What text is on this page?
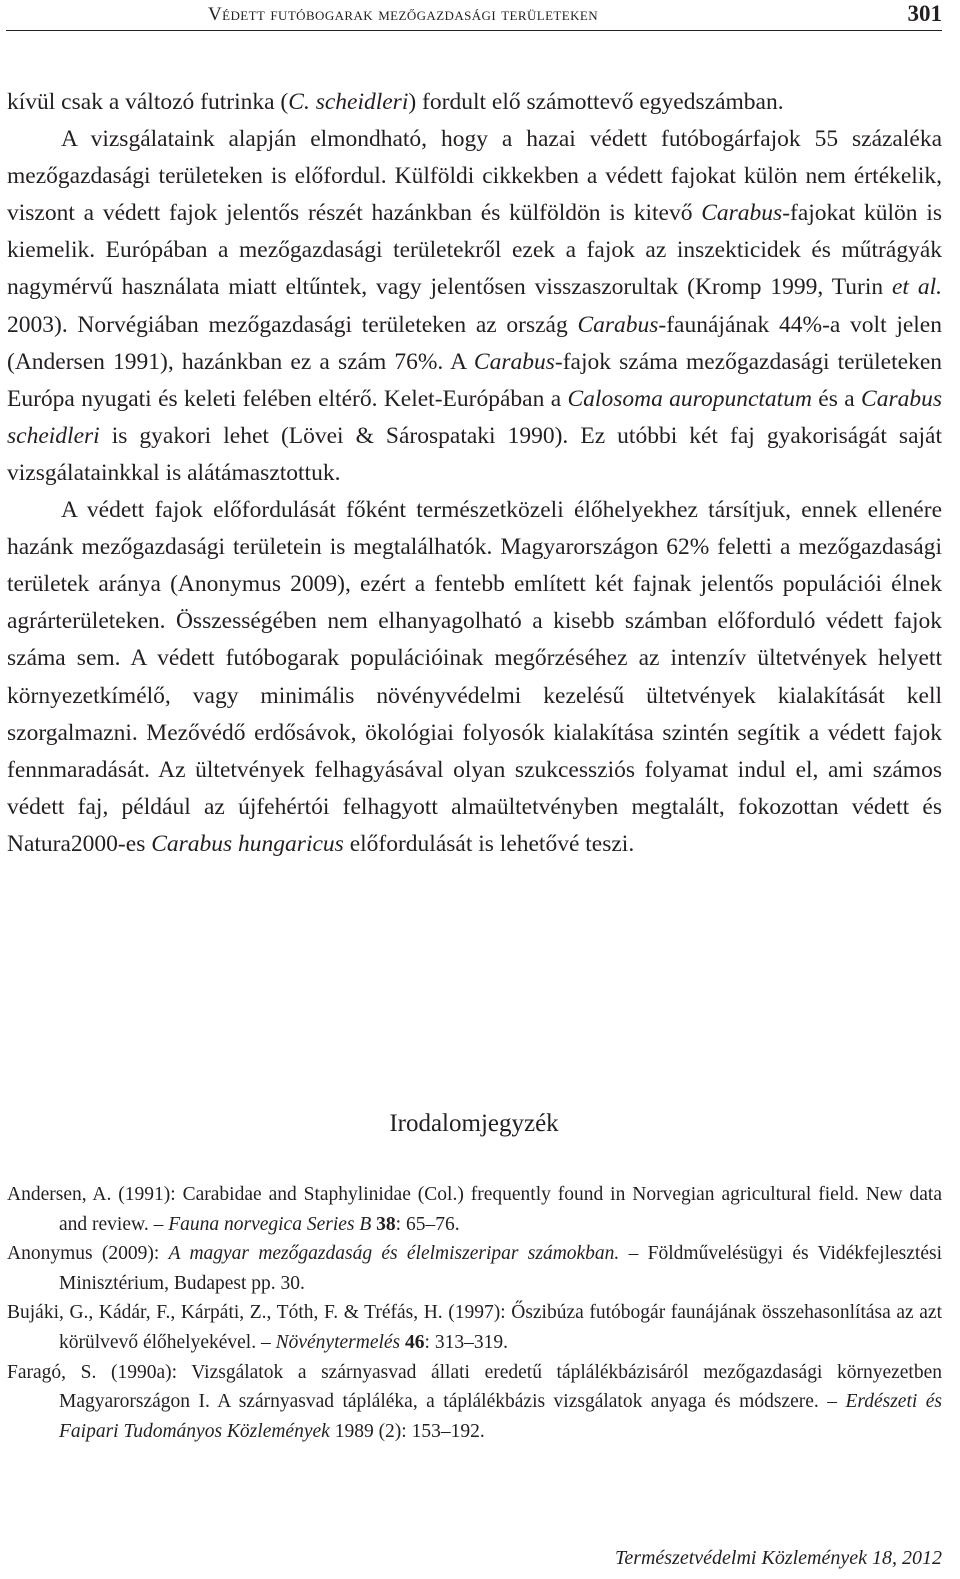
Védett futóbogarak mezőgazdasági területeken	301

kívül csak a változó futrinka (C. scheidleri) fordult elő számottevő egyedszámban.

A vizsgálataink alapján elmondható, hogy a hazai védett futóbogárfajok 55 százaléka mezőgazdasági területeken is előfordul. Külföldi cikkekben a védett fajokat külön nem értékelik, viszont a védett fajok jelentős részét hazánkban és külföldön is kitevő Carabus-fajokat külön is kiemelik. Európában a mezőgazdasági területekről ezek a fajok az inszekticidek és műtrágyák nagymérvű használata miatt eltűntek, vagy jelentősen visszaszorultak (Kromp 1999, Turin et al. 2003). Norvégiában mezőgazdasági területeken az ország Carabus-faunájának 44%-a volt jelen (Andersen 1991), hazánkban ez a szám 76%. A Carabus-fajok száma mezőgazdasági területeken Európa nyugati és keleti felében eltérő. Kelet-Európában a Calosoma auropunctatum és a Carabus scheidleri is gyakori lehet (Lövei & Sárospataki 1990). Ez utóbbi két faj gyakoriságát saját vizsgálatainkkal is alátámasztottuk.

A védett fajok előfordulását főként természetközeli élőhelyekhez társítjuk, ennek ellenére hazánk mezőgazdasági területein is megtalálhatók. Magyarországon 62% feletti a mezőgazdasági területek aránya (Anonymus 2009), ezért a fentebb említett két fajnak jelentős populációi élnek agrárterületeken. Összességében nem elhanyagolható a kisebb számban előforduló védett fajok száma sem. A védett futóbogarak populációinak megőrzéséhez az intenzív ültetvények helyett környezetkímélő, vagy minimális növényvédelmi kezelésű ültetvények kialakítását kell szorgalmazni. Mezővédő erdősávok, ökológiai folyosók kialakítása szintén segítik a védett fajok fennmaradását. Az ültetvények felhagyásával olyan szukcessziós folyamat indul el, ami számos védett faj, például az újfehértói felhagyott almaültetvényben megtalált, fokozottan védett és Natura2000-es Carabus hungaricus előfordulását is lehetővé teszi.

Irodalomjegyzék

Andersen, A. (1991): Carabidae and Staphylinidae (Col.) frequently found in Norvegian agricultural field. New data and review. – Fauna norvegica Series B 38: 65–76.

Anonymus (2009): A magyar mezőgazdaság és élelmiszeripar számokban. – Földművelésügyi és Vidékfejlesztési Minisztérium, Budapest pp. 30.

Bujáki, G., Kádár, F., Kárpáti, Z., Tóth, F. & Tréfás, H. (1997): Őszibúza futóbogár faunájának összehasonlítása az azt körülvevő élőhelyekével. – Növénytermelés 46: 313–319.

Faragó, S. (1990a): Vizsgálatok a szárnyasvad állati eredetű táplálékbázisáról mezőgazdasági környezetben Magyarországon I. A szárnyasvad tápláléka, a táplálékbázis vizsgálatok anyaga és módszere. – Erdészeti és Faipari Tudományos Közlemények 1989 (2): 153–192.

Természetvédelmi Közlemények 18, 2012
